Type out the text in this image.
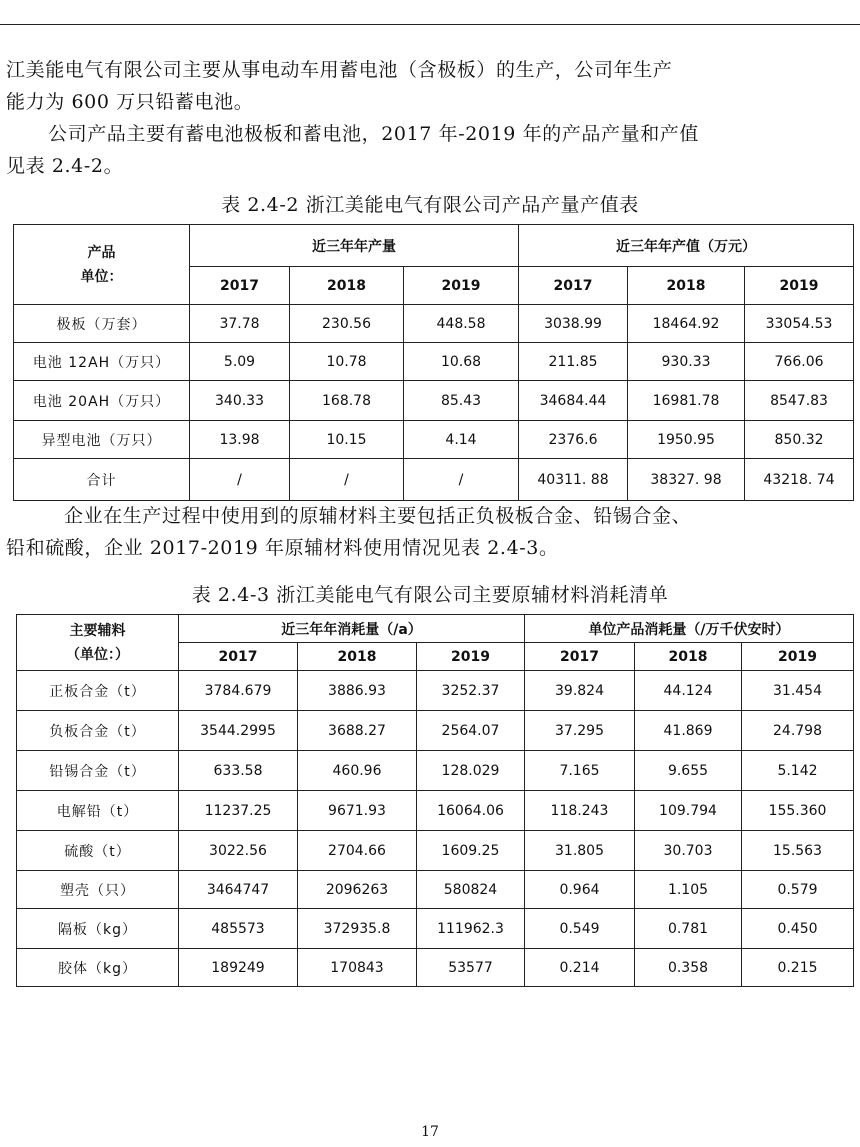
江美能电气有限公司主要从事电动车用蓄电池（含极板）的生产，公司年生产
能力为 600 万只铅蓄电池。
公司产品主要有蓄电池极板和蓄电池，2017 年-2019 年的产品产量和产值
见表 2.4-2。
表 2.4-2 浙江美能电气有限公司产品产量产值表
产品
单位：	近三年年产量			近三年年产值（万元）		
	2017	2018	2019	2017	2018	2019
极板（万套）	37.78	230.56	448.58	3038.99	18464.92	33054.53
电池 12AH（万只）	5.09	10.78	10.68	211.85	930.33	766.06
电池 20AH（万只）	340.33	168.78	85.43	34684.44	16981.78	8547.83
异型电池（万只）	13.98	10.15	4.14	2376.6	1950.95	850.32
合计	/	/	/	40311. 88	38327. 98	43218. 74
企业在生产过程中使用到的原辅材料主要包括正负极板合金、铅锡合金、
铅和硫酸，企业 2017-2019 年原辅材料使用情况见表 2.4-3。
表 2.4-3 浙江美能电气有限公司主要原辅材料消耗清单
主要辅料
（单位：）	近三年年消耗量（/a）			单位产品消耗量（/万千伏安时）		
	2017	2018	2019	2017	2018	2019
正板合金（t）	3784.679	3886.93	3252.37	39.824	44.124	31.454
负板合金（t）	3544.2995	3688.27	2564.07	37.295	41.869	24.798
铅锡合金（t）	633.58	460.96	128.029	7.165	9.655	5.142
电解铅（t）	11237.25	9671.93	16064.06	118.243	109.794	155.360
硫酸（t）	3022.56	2704.66	1609.25	31.805	30.703	15.563
塑壳（只）	3464747	2096263	580824	0.964	1.105	0.579
隔板（kg）	485573	372935.8	111962.3	0.549	0.781	0.450
胶体（kg）	189249	170843	53577	0.214	0.358	0.215
17
